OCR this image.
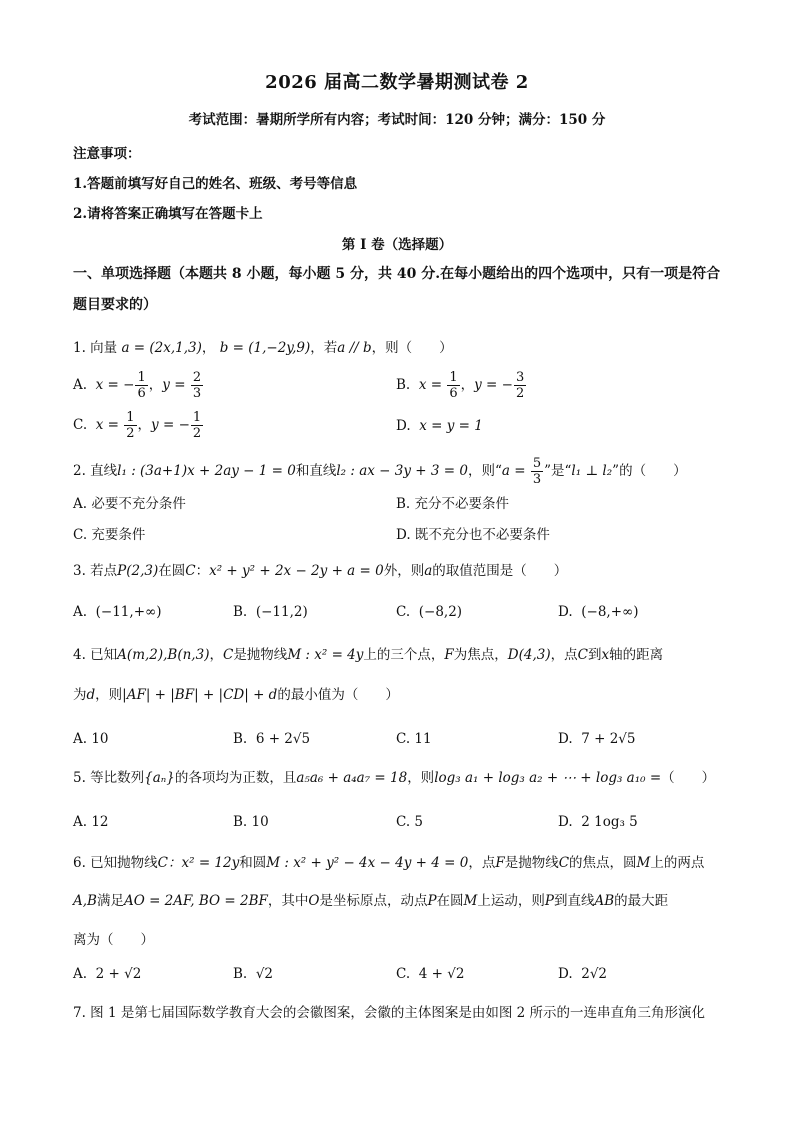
2026 届高二数学暑期测试卷 2
考试范围：暑期所学所有内容；考试时间：120 分钟；满分：150 分
注意事项：
1.答题前填写好自己的姓名、班级、考号等信息
2.请将答案正确填写在答题卡上
第 I 卷（选择题）
一、单项选择题（本题共 8 小题，每小题 5 分，共 40 分.在每小题给出的四个选项中，只有一项是符合题目要求的）
1. 向量 a = (2x,1,3)， b = (1,−2y,9)，若a // b，则（　　）
A. x = − $\frac{1}{6}$ ，$y = \frac{2}{3}$	B. $x = \frac{1}{6}$ ，y = − $\frac{3}{2}$
C. $x = \frac{1}{2}$ ，y = − $\frac{1}{2}$	D. x = y = 1
2. 直线l₁ : (3a+1)x + 2ay − 1 = 0和直线l₂ : ax − 3y + 3 = 0，则“$a = \frac{5}{3}$ ”是“l₁ ⊥ l₂”的（　　）
A. 必要不充分条件	B. 充分不必要条件
C. 充要条件	D. 既不充分也不必要条件
3. 若点P(2,3)在圆C：x² + y² + 2x − 2y + a = 0外，则a的取值范围是（　　）
A. (−11,+∞)	B. (−11,2)	C. (−8,2)	D. (−8,+∞)
4. 已知A(m,2),B(n,3)，C是抛物线M : x² = 4y上的三个点，F为焦点，D(4,3)，点C到x轴的距离
为d，则|AF| + |BF| + |CD| + d的最小值为（　　）
A. 10	B. 6 + 2√5	C. 11	D. 7 + 2√5
5. 等比数列{aₙ}的各项均为正数，且a₅a₆ + a₄a₇ = 18，则log₃ a₁ + log₃ a₂ + ⋯ + log₃ a₁₀ =（　　）
A. 12	B. 10	C. 5	D. 2 1og₃ 5
6. 已知抛物线C：x² = 12y和圆M : x² + y² − 4x − 4y + 4 = 0，点F是抛物线C的焦点，圆M上的两点
A,B满足AO = 2AF, BO = 2BF，其中O是坐标原点，动点P在圆M上运动，则P到直线AB的最大距
离为（　　）
A. 2 + √2	B. √2	C. 4 + √2	D. 2√2
7. 图 1 是第七届国际数学教育大会的会徽图案，会徽的主体图案是由如图 2 所示的一连串直角三角形演化
